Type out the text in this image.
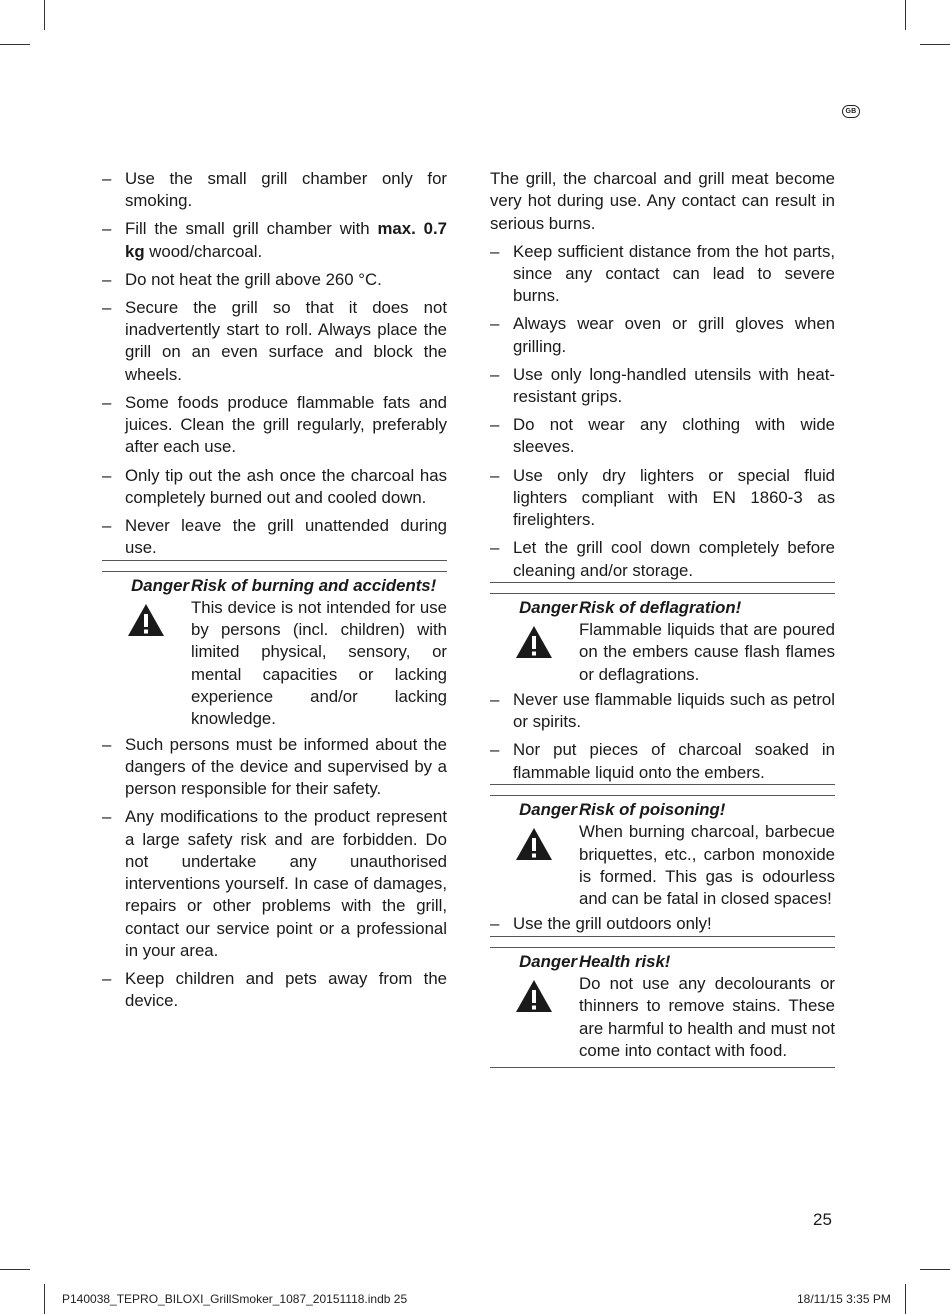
GB
– Use the small grill chamber only for smoking.
– Fill the small grill chamber with max. 0.7 kg wood/charcoal.
– Do not heat the grill above 260 °C.
– Secure the grill so that it does not inadvertently start to roll. Always place the grill on an even surface and block the wheels.
– Some foods produce flammable fats and juices. Clean the grill regularly, preferably after each use.
– Only tip out the ash once the charcoal has completely burned out and cooled down.
– Never leave the grill unattended during use.
Danger Risk of burning and accidents!
This device is not intended for use by persons (incl. children) with limited physical, sensory, or mental capacities or lacking experience and/or lacking knowledge.
– Such persons must be informed about the dangers of the device and supervised by a person responsible for their safety.
– Any modifications to the product represent a large safety risk and are forbidden. Do not undertake any unauthorised interventions yourself. In case of damages, repairs or other problems with the grill, contact our service point or a professional in your area.
– Keep children and pets away from the device.
The grill, the charcoal and grill meat become very hot during use. Any contact can result in serious burns.
– Keep sufficient distance from the hot parts, since any contact can lead to severe burns.
– Always wear oven or grill gloves when grilling.
– Use only long-handled utensils with heat-resistant grips.
– Do not wear any clothing with wide sleeves.
– Use only dry lighters or special fluid lighters compliant with EN 1860-3 as firelighters.
– Let the grill cool down completely before cleaning and/or storage.
Danger Risk of deflagration!
Flammable liquids that are poured on the embers cause flash flames or deflagrations.
– Never use flammable liquids such as petrol or spirits.
– Nor put pieces of charcoal soaked in flammable liquid onto the embers.
Danger Risk of poisoning!
When burning charcoal, barbecue briquettes, etc., carbon monoxide is formed. This gas is odourless and can be fatal in closed spaces!
– Use the grill outdoors only!
Danger Health risk!
Do not use any decolourants or thinners to remove stains. These are harmful to health and must not come into contact with food.
25
P140038_TEPRO_BILOXI_GrillSmoker_1087_20151118.indb 25	18/11/15 3:35 PM
